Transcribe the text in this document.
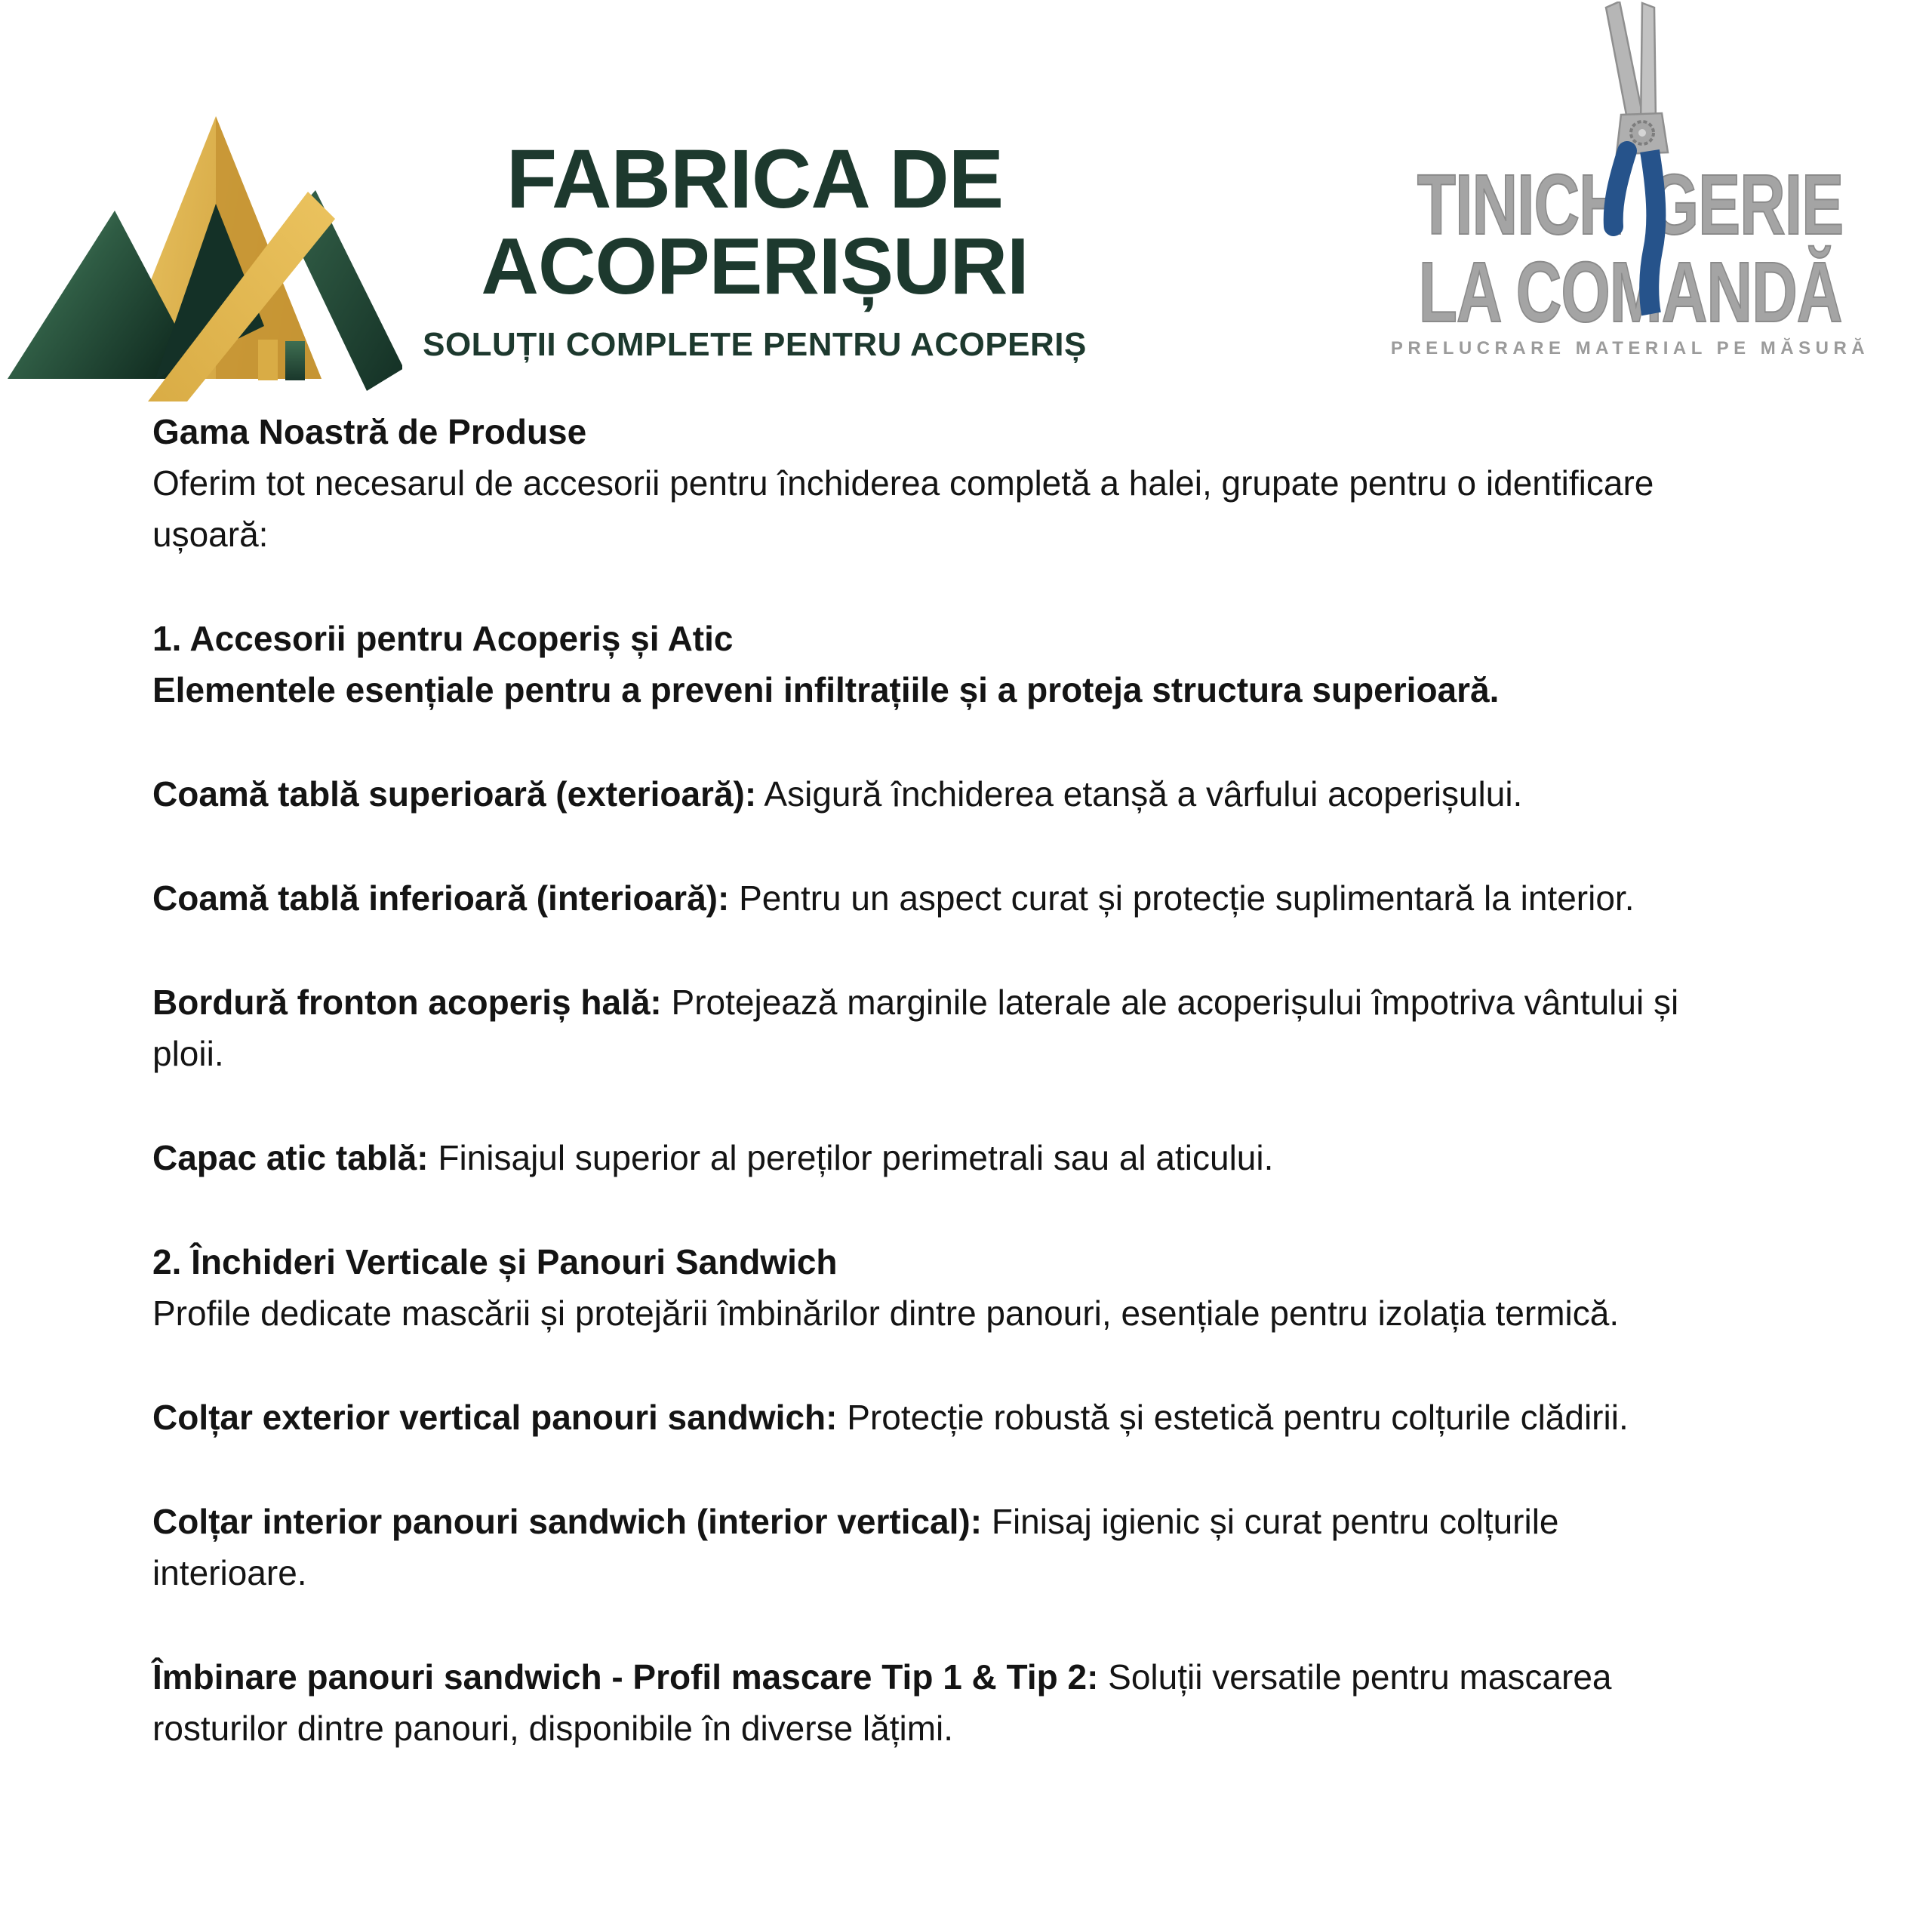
FABRICA DE
ACOPERIȘURI
SOLUȚII COMPLETE PENTRU ACOPERIȘ
TINICH GERIE
LA COMANDĂ
PRELUCRARE MATERIAL PE MĂSURĂ
Gama Noastră de Produse
Oferim tot necesarul de accesorii pentru închiderea completă a halei, grupate pentru o identificare
ușoară:
1. Accesorii pentru Acoperiș și Atic
Elementele esențiale pentru a preveni infiltrațiile și a proteja structura superioară.
Coamă tablă superioară (exterioară): Asigură închiderea etanșă a vârfului acoperișului.
Coamă tablă inferioară (interioară): Pentru un aspect curat și protecție suplimentară la interior.
Bordură fronton acoperiș hală: Protejează marginile laterale ale acoperișului împotriva vântului și
ploii.
Capac atic tablă: Finisajul superior al pereților perimetrali sau al aticului.
2. Închideri Verticale și Panouri Sandwich
Profile dedicate mascării și protejării îmbinărilor dintre panouri, esențiale pentru izolația termică.
Colțar exterior vertical panouri sandwich: Protecție robustă și estetică pentru colțurile clădirii.
Colțar interior panouri sandwich (interior vertical): Finisaj igienic și curat pentru colțurile
interioare.
Îmbinare panouri sandwich - Profil mascare Tip 1 & Tip 2: Soluții versatile pentru mascarea
rosturilor dintre panouri, disponibile în diverse lățimi.
